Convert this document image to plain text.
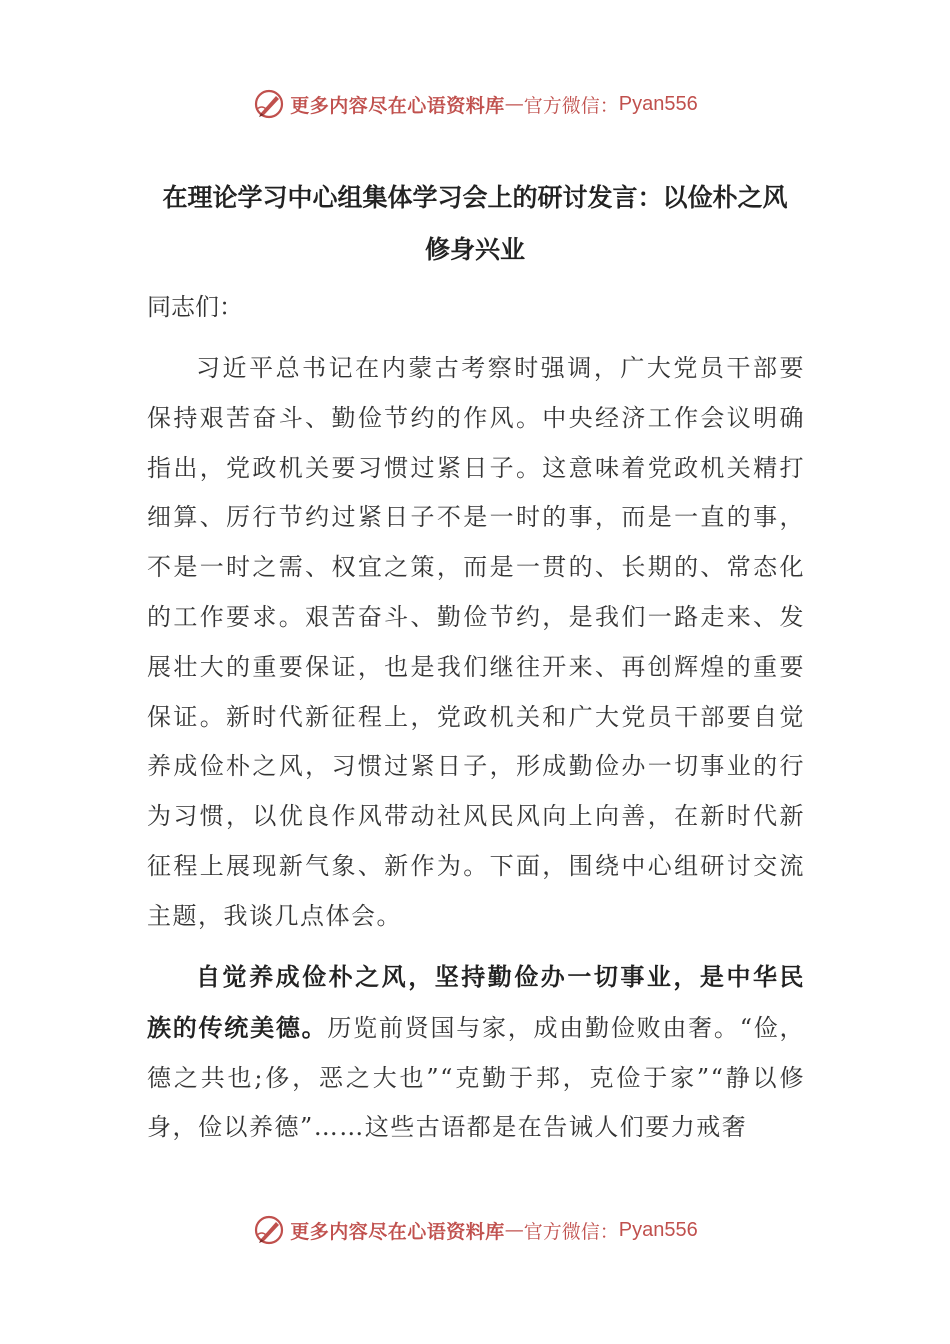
更多内容尽在心语资料库 — 官方微信： Pyan556
在理论学习中心组集体学习会上的研讨发言：以俭朴之风
修身兴业
同志们：

习近平总书记在内蒙古考察时强调，广大党员干部要保持艰苦奋斗、勤俭节约的作风。中央经济工作会议明确指出，党政机关要习惯过紧日子。这意味着党政机关精打细算、厉行节约过紧日子不是一时的事，而是一直的事，不是一时之需、权宜之策，而是一贯的、长期的、常态化的工作要求。艰苦奋斗、勤俭节约，是我们一路走来、发展壮大的重要保证，也是我们继往开来、再创辉煌的重要保证。新时代新征程上，党政机关和广大党员干部要自觉养成俭朴之风，习惯过紧日子，形成勤俭办一切事业的行为习惯，以优良作风带动社风民风向上向善，在新时代新征程上展现新气象、新作为。下面，围绕中心组研讨交流主题，我谈几点体会。

自觉养成俭朴之风，坚持勤俭办一切事业，是中华民族的传统美德。历览前贤国与家，成由勤俭败由奢。“俭，德之共也;侈，恶之大也”“克勤于邦，克俭于家”“静以修身，俭以养德”……这些古语都是在告诫人们要力戒奢

更多内容尽在心语资料库 — 官方微信： Pyan556
